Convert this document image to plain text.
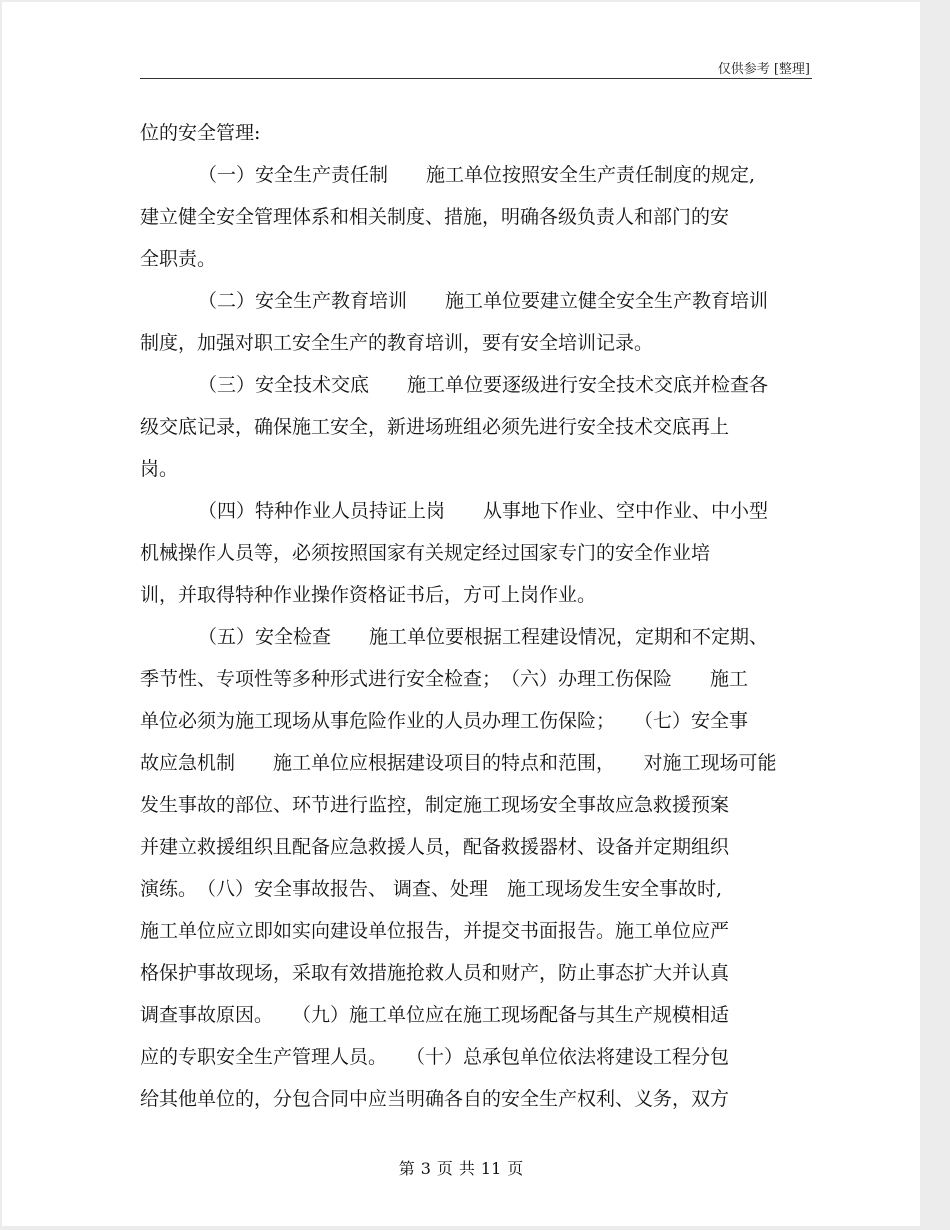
仅供参考 [整理]
位的安全管理:
（一）安全生产责任制　　施工单位按照安全生产责任制度的规定,
建立健全安全管理体系和相关制度、措施，明确各级负责人和部门的安
全职责。
（二）安全生产教育培训　　施工单位要建立健全安全生产教育培训
制度，加强对职工安全生产的教育培训，要有安全培训记录。
（三）安全技术交底　　施工单位要逐级进行安全技术交底并检查各
级交底记录，确保施工安全，新进场班组必须先进行安全技术交底再上
岗。
（四）特种作业人员持证上岗　　从事地下作业、空中作业、中小型
机械操作人员等，必须按照国家有关规定经过国家专门的安全作业培
训，并取得特种作业操作资格证书后，方可上岗作业。
（五）安全检查　　施工单位要根据工程建设情况，定期和不定期、
季节性、专项性等多种形式进行安全检查；　（六）办理工伤保险　　施工
单位必须为施工现场从事危险作业的人员办理工伤保险；　　（七）安全事
故应急机制　　施工单位应根据建设项目的特点和范围，　　对施工现场可能
发生事故的部位、环节进行监控，制定施工现场安全事故应急救援预案
并建立救援组织且配备应急救援人员，配备救援器材、设备并定期组织
演练。　（八）安全事故报告、 调查、处理　施工现场发生安全事故时,
施工单位应立即如实向建设单位报告，并提交书面报告。施工单位应严
格保护事故现场，采取有效措施抢救人员和财产，防止事态扩大并认真
调查事故原因。　　（九）施工单位应在施工现场配备与其生产规模相适
应的专职安全生产管理人员。　　（十）总承包单位依法将建设工程分包
给其他单位的，分包合同中应当明确各自的安全生产权利、义务，双方
第 3 页 共 11 页
